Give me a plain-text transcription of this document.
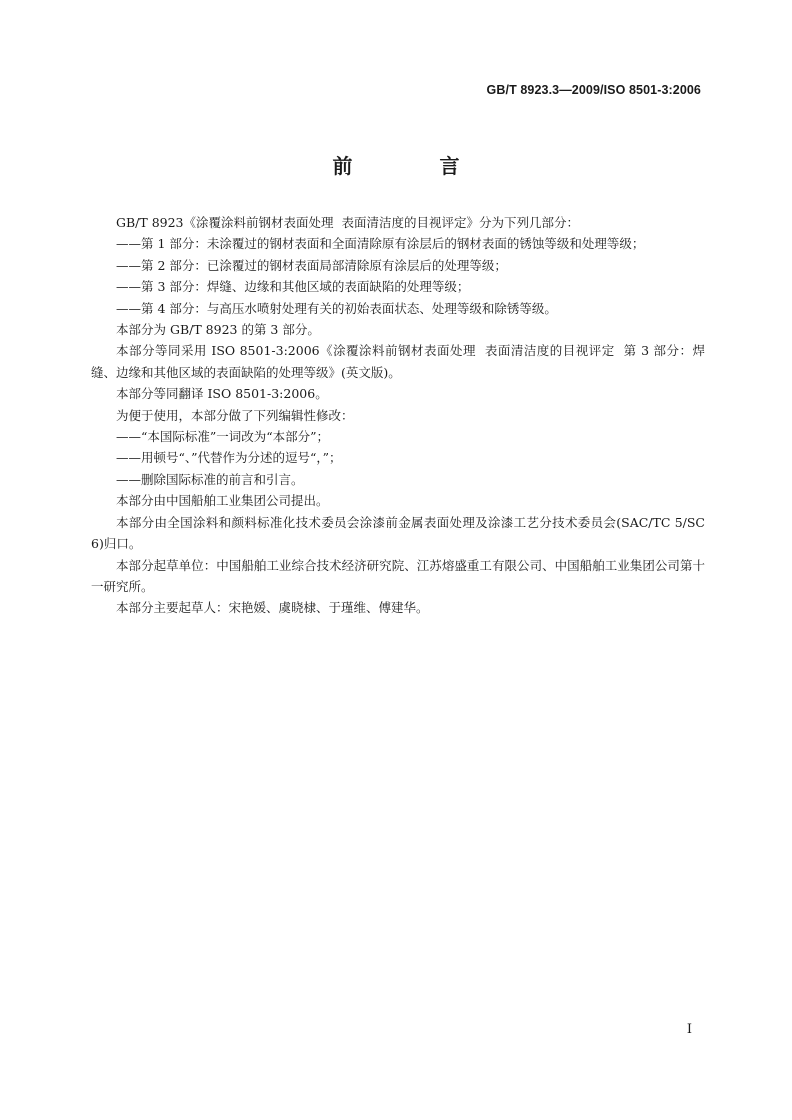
GB/T 8923.3—2009/ISO 8501-3:2006
前 言

GB/T 8923《涂覆涂料前钢材表面处理  表面清洁度的目视评定》分为下列几部分：

——第 1 部分：未涂覆过的钢材表面和全面清除原有涂层后的钢材表面的锈蚀等级和处理等级；

——第 2 部分：已涂覆过的钢材表面局部清除原有涂层后的处理等级；

——第 3 部分：焊缝、边缘和其他区域的表面缺陷的处理等级；

——第 4 部分：与高压水喷射处理有关的初始表面状态、处理等级和除锈等级。

本部分为 GB/T 8923 的第 3 部分。

本部分等同采用 ISO 8501-3:2006《涂覆涂料前钢材表面处理  表面清洁度的目视评定  第 3 部分：焊缝、边缘和其他区域的表面缺陷的处理等级》(英文版)。

本部分等同翻译 ISO 8501-3:2006。

为便于使用，本部分做了下列编辑性修改：

——“本国际标准”一词改为“本部分”；

——用顿号“、”代替作为分述的逗号“，”；

——删除国际标准的前言和引言。

本部分由中国船舶工业集团公司提出。

本部分由全国涂料和颜料标准化技术委员会涂漆前金属表面处理及涂漆工艺分技术委员会(SAC/TC 5/SC 6)归口。

本部分起草单位：中国船舶工业综合技术经济研究院、江苏熔盛重工有限公司、中国船舶工业集团公司第十一研究所。

本部分主要起草人：宋艳媛、虞晓棣、于瑾维、傅建华。

I
